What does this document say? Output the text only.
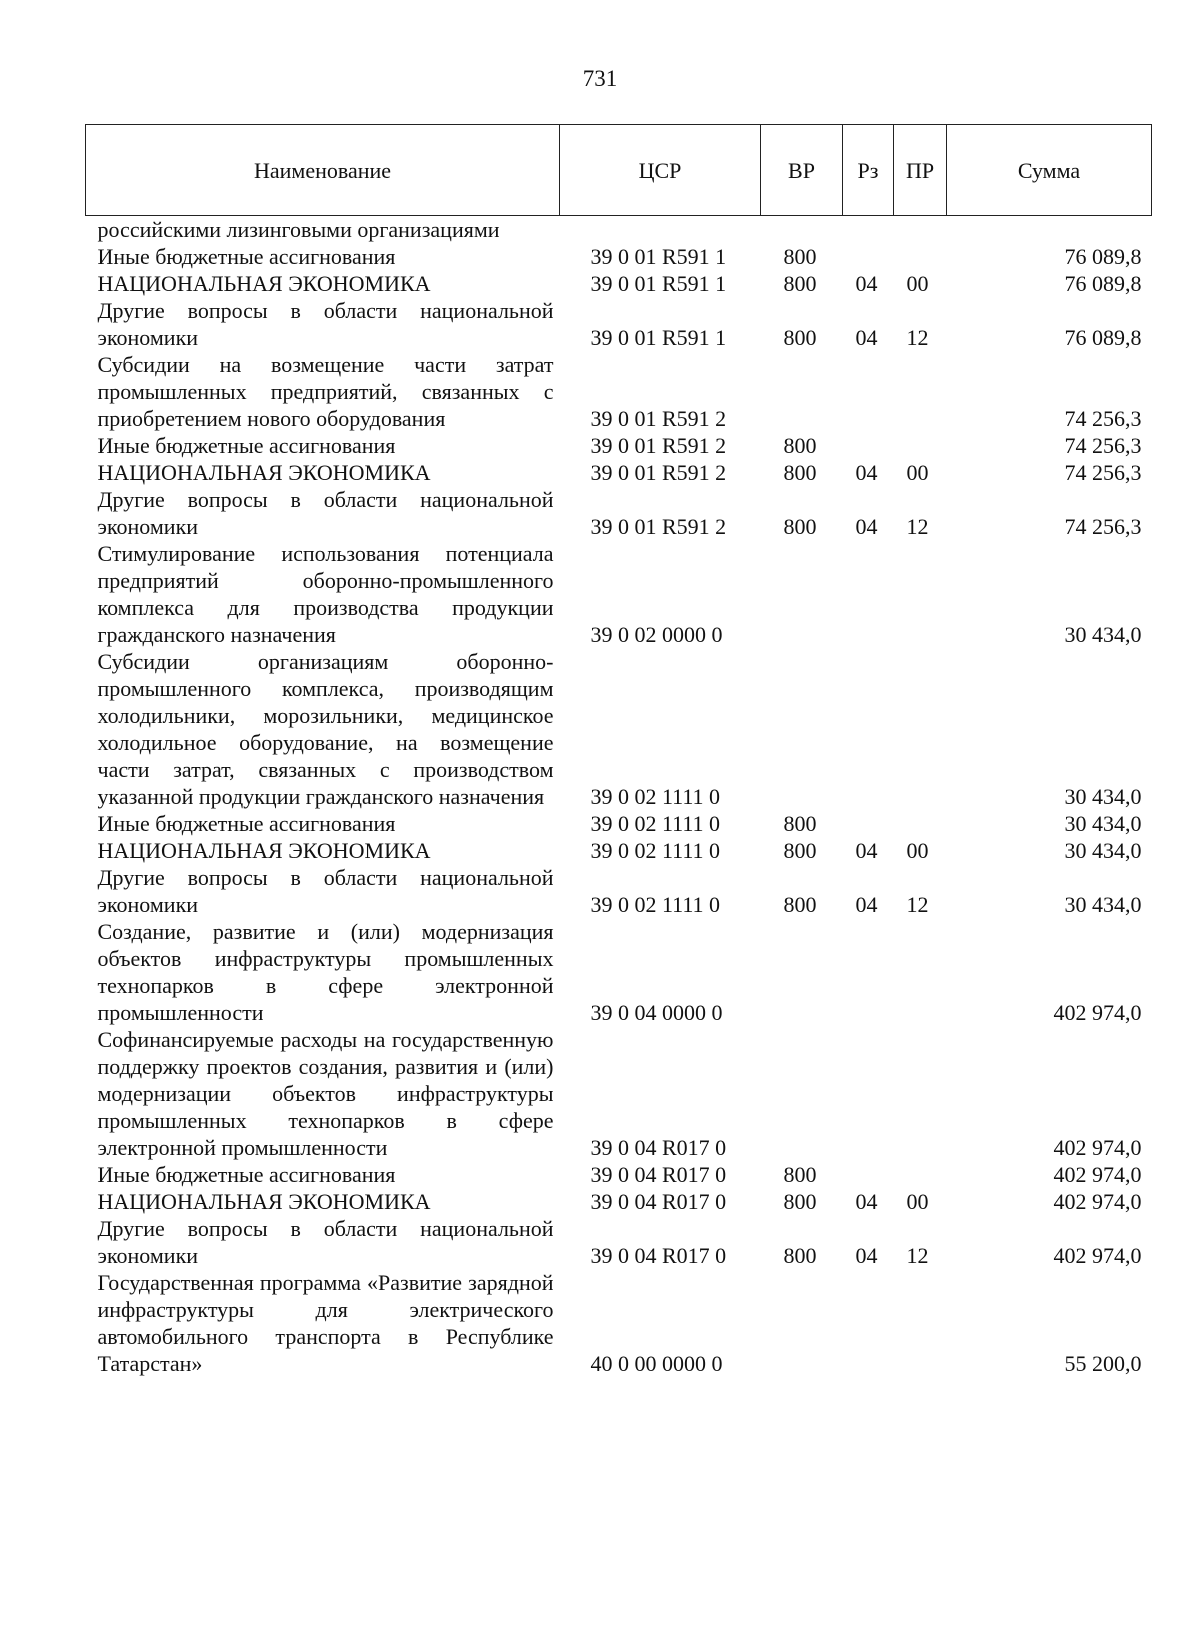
731
Наименование	ЦСР	ВР	Рз	ПР	Сумма
российскими лизинговыми организациями					
Иные бюджетные ассигнования	39 0 01 R591 1	800			76 089,8
НАЦИОНАЛЬНАЯ ЭКОНОМИКА	39 0 01 R591 1	800	04	00	76 089,8
Другие вопросы в области национальной экономики	39 0 01 R591 1	800	04	12	76 089,8
Субсидии на возмещение части затрат промышленных предприятий, связанных с приобретением нового оборудования	39 0 01 R591 2				74 256,3
Иные бюджетные ассигнования	39 0 01 R591 2	800			74 256,3
НАЦИОНАЛЬНАЯ ЭКОНОМИКА	39 0 01 R591 2	800	04	00	74 256,3
Другие вопросы в области национальной экономики	39 0 01 R591 2	800	04	12	74 256,3
Стимулирование использования потенциала предприятий оборонно-промышленного комплекса для производства продукции гражданского назначения	39 0 02 0000 0				30 434,0
Субсидии организациям оборонно-промышленного комплекса, производящим холодильники, морозильники, медицинское холодильное оборудование, на возмещение части затрат, связанных с производством указанной продукции гражданского назначения	39 0 02 1111 0				30 434,0
Иные бюджетные ассигнования	39 0 02 1111 0	800			30 434,0
НАЦИОНАЛЬНАЯ ЭКОНОМИКА	39 0 02 1111 0	800	04	00	30 434,0
Другие вопросы в области национальной экономики	39 0 02 1111 0	800	04	12	30 434,0
Создание, развитие и (или) модернизация объектов инфраструктуры промышленных технопарков в сфере электронной промышленности	39 0 04 0000 0				402 974,0
Софинансируемые расходы на государственную поддержку проектов создания, развития и (или) модернизации объектов инфраструктуры промышленных технопарков в сфере электронной промышленности	39 0 04 R017 0				402 974,0
Иные бюджетные ассигнования	39 0 04 R017 0	800			402 974,0
НАЦИОНАЛЬНАЯ ЭКОНОМИКА	39 0 04 R017 0	800	04	00	402 974,0
Другие вопросы в области национальной экономики	39 0 04 R017 0	800	04	12	402 974,0
Государственная программа «Развитие зарядной инфраструктуры для электрического автомобильного транспорта в Республике Татарстан»	40 0 00 0000 0				55 200,0
